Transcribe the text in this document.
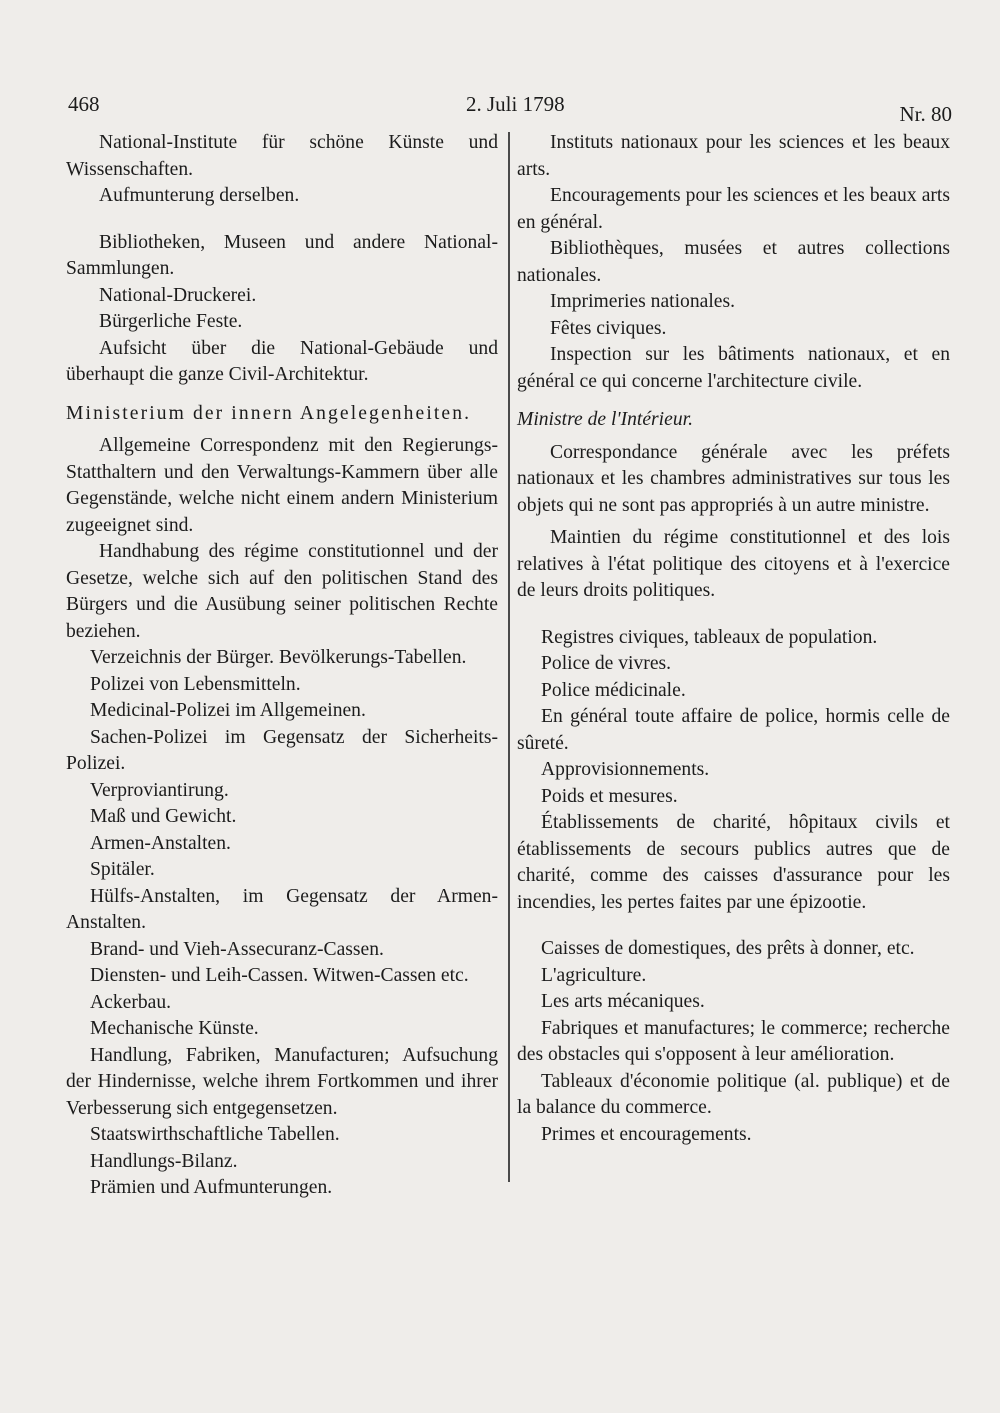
468	2. Juli 1798	Nr. 80

National-Institute für schöne Künste und Wissenschaften.

Aufmunterung derselben.

Bibliotheken, Museen und andere National-Sammlungen.

National-Druckerei.

Bürgerliche Feste.

Aufsicht über die National-Gebäude und überhaupt die ganze Civil-Architektur.

Ministerium der innern Angelegenheiten.

Allgemeine Correspondenz mit den Regierungs-Statthaltern und den Verwaltungs-Kammern über alle Gegenstände, welche nicht einem andern Ministerium zugeeignet sind.

Handhabung des régime constitutionnel und der Gesetze, welche sich auf den politischen Stand des Bürgers und die Ausübung seiner politischen Rechte beziehen.

Verzeichnis der Bürger. Bevölkerungs-Tabellen.

Polizei von Lebensmitteln.

Medicinal-Polizei im Allgemeinen.

Sachen-Polizei im Gegensatz der Sicherheits-Polizei.

Verproviantirung.

Maß und Gewicht.

Armen-Anstalten.

Spitäler.

Hülfs-Anstalten, im Gegensatz der Armen-Anstalten.

Brand- und Vieh-Assecuranz-Cassen.

Diensten- und Leih-Cassen. Witwen-Cassen etc.

Ackerbau.

Mechanische Künste.

Handlung, Fabriken, Manufacturen; Aufsuchung der Hindernisse, welche ihrem Fortkommen und ihrer Verbesserung sich entgegensetzen.

Staatswirthschaftliche Tabellen.

Handlungs-Bilanz.

Prämien und Aufmunterungen.

Instituts nationaux pour les sciences et les beaux arts.

Encouragements pour les sciences et les beaux arts en général.

Bibliothèques, musées et autres collections nationales.

Imprimeries nationales.

Fêtes civiques.

Inspection sur les bâtiments nationaux, et en général ce qui concerne l'architecture civile.

Ministre de l'Intérieur.

Correspondance générale avec les préfets nationaux et les chambres administratives sur tous les objets qui ne sont pas appropriés à un autre ministre.

Maintien du régime constitutionnel et des lois relatives à l'état politique des citoyens et à l'exercice de leurs droits politiques.

Registres civiques, tableaux de population.

Police de vivres.

Police médicinale.

En général toute affaire de police, hormis celle de sûreté.

Approvisionnements.

Poids et mesures.

Établissements de charité, hôpitaux civils et établissements de secours publics autres que de charité, comme des caisses d'assurance pour les incendies, les pertes faites par une épizootie.

Caisses de domestiques, des prêts à donner, etc.

L'agriculture.

Les arts mécaniques.

Fabriques et manufactures; le commerce; recherche des obstacles qui s'opposent à leur amélioration.

Tableaux d'économie politique (al. publique) et de la balance du commerce.

Primes et encouragements.
